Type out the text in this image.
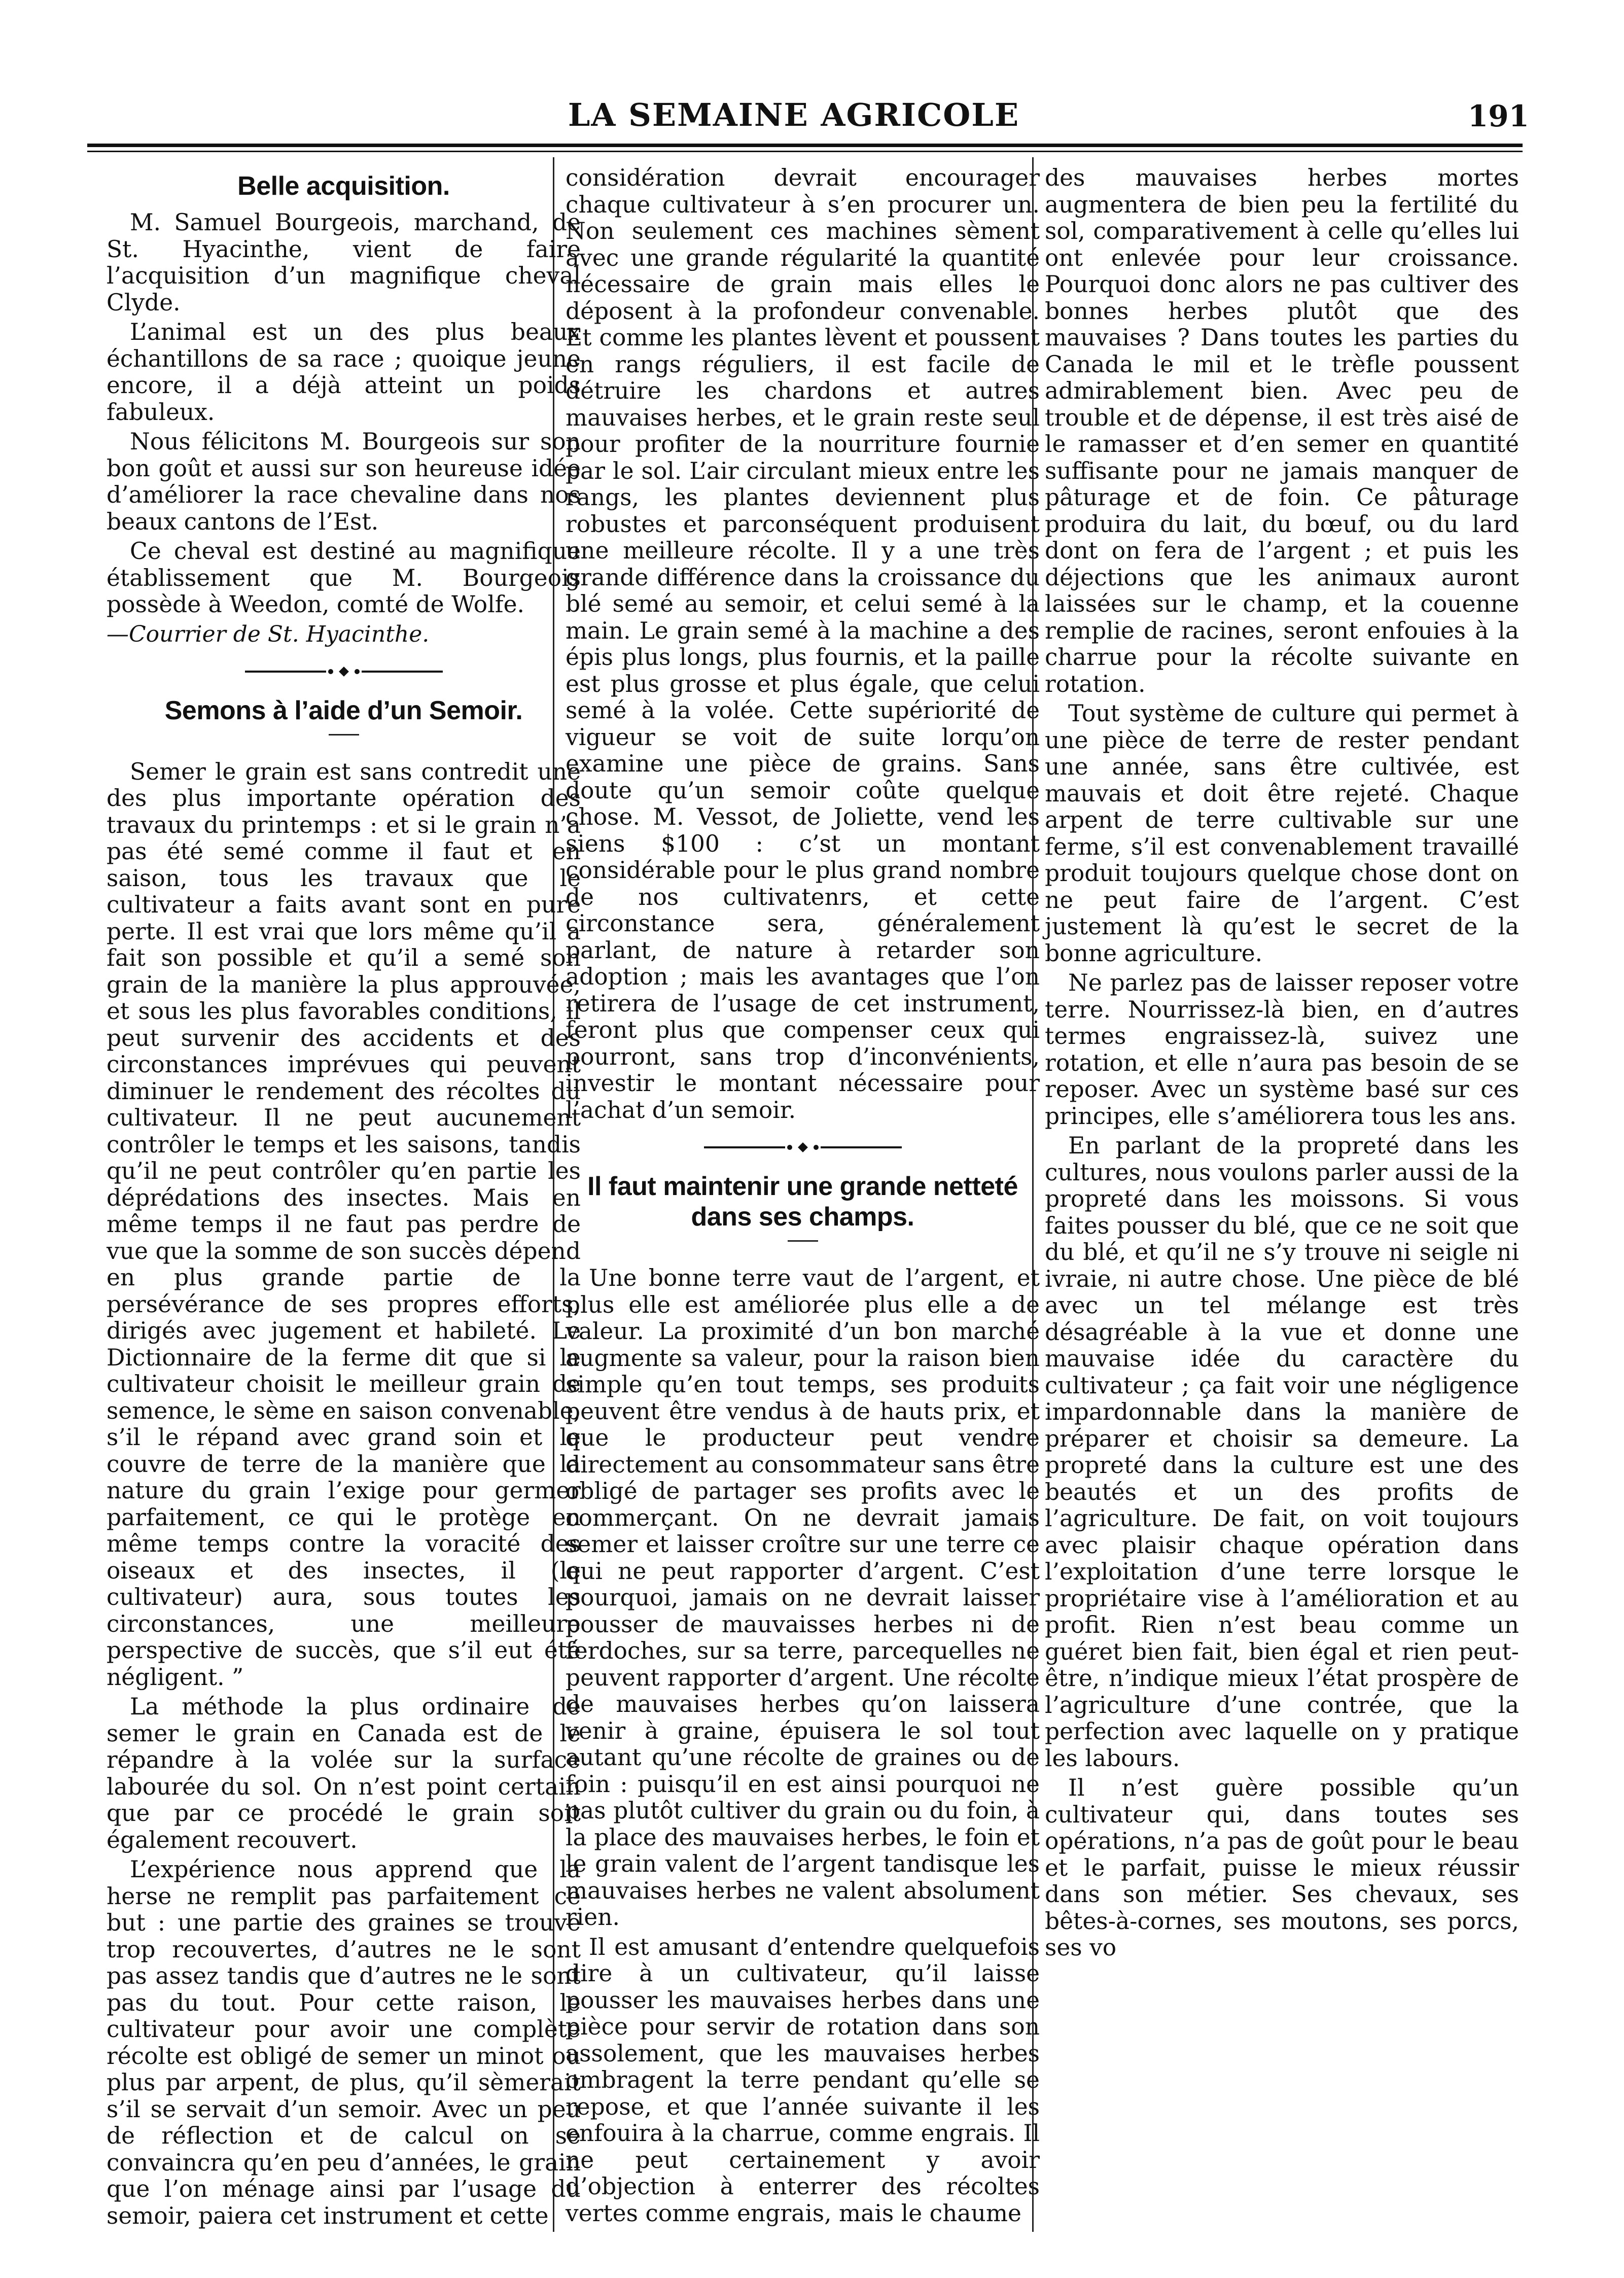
LA SEMAINE AGRICOLE	191
Belle acquisition.

M. Samuel Bourgeois, marchand, de St. Hyacinthe, vient de faire l’acquisition d’un magnifique cheval Clyde.

L’animal est un des plus beaux échantillons de sa race ; quoique jeune encore, il a déjà atteint un poids fabuleux.

Nous félicitons M. Bourgeois sur son bon goût et aussi sur son heureuse idée d’améliorer la race chevaline dans nos beaux cantons de l’Est.

Ce cheval est destiné au magnifique établissement que M. Bourgeois possède à Weedon, comté de Wolfe.

—Courrier de St. Hyacinthe.

Semons à l’aide d’un Semoir.

Semer le grain est sans contredit une des plus importante opération des travaux du printemps : et si le grain n’a pas été semé comme il faut et en saison, tous les travaux que le cultivateur a faits avant sont en pure perte. Il est vrai que lors même qu’il a fait son possible et qu’il a semé son grain de la manière la plus approuvée, et sous les plus favorables conditions, il peut survenir des accidents et des circonstances imprévues qui peuvent diminuer le rendement des récoltes du cultivateur. Il ne peut aucunement contrôler le temps et les saisons, tandis qu’il ne peut contrôler qu’en partie les déprédations des insectes. Mais en même temps il ne faut pas perdre de vue que la somme de son succès dépend en plus grande partie de la persévérance de ses propres efforts, dirigés avec jugement et habileté. Le Dictionnaire de la ferme dit que si le cultivateur choisit le meilleur grain de semence, le sème en saison convenable, s’il le répand avec grand soin et le couvre de terre de la manière que la nature du grain l’exige pour germer parfaitement, ce qui le protège en même temps contre la voracité des oiseaux et des insectes, il (le cultivateur) aura, sous toutes les circonstances, une meilleure perspective de succès, que s’il eut été négligent. ”

La méthode la plus ordinaire de semer le grain en Canada est de le répandre à la volée sur la surface labourée du sol. On n’est point certain que par ce procédé le grain soit également recouvert.

L’expérience nous apprend que la herse ne remplit pas parfaitement ce but : une partie des graines se trouve trop recouvertes, d’autres ne le sont pas assez tandis que d’autres ne le sont pas du tout. Pour cette raison, le cultivateur pour avoir une complète récolte est obligé de semer un minot ou plus par arpent, de plus, qu’il sèmerait s’il se servait d’un semoir. Avec un peu de réflection et de calcul on se convaincra qu’en peu d’années, le grain que l’on ménage ainsi par l’usage du semoir, paiera cet instrument et cette

considération devrait encourager chaque cultivateur à s’en procurer un. Non seulement ces machines sèment avec une grande régularité la quantité nécessaire de grain mais elles le déposent à la profondeur convenable. Et comme les plantes lèvent et poussent en rangs réguliers, il est facile de détruire les chardons et autres mauvaises herbes, et le grain reste seul pour profiter de la nourriture fournie par le sol. L’air circulant mieux entre les rangs, les plantes deviennent plus robustes et parconséquent produisent une meilleure récolte. Il y a une très grande différence dans la croissance du blé semé au semoir, et celui semé à la main. Le grain semé à la machine a des épis plus longs, plus fournis, et la paille est plus grosse et plus égale, que celui semé à la volée. Cette supériorité de vigueur se voit de suite lorqu’on examine une pièce de grains. Sans doute qu’un semoir coûte quelque chose. M. Vessot, de Joliette, vend les siens $100 : c’st un montant considérable pour le plus grand nombre de nos cultivatenrs, et cette circonstance sera, généralement parlant, de nature à retarder son adoption ; mais les avantages que l’on retirera de l’usage de cet instrument, feront plus que compenser ceux qui pourront, sans trop d’inconvénients, investir le montant nécessaire pour l’achat d’un semoir.

Il faut maintenir une grande netteté dans ses champs.

Une bonne terre vaut de l’argent, et plus elle est améliorée plus elle a de valeur. La proximité d’un bon marché augmente sa valeur, pour la raison bien simple qu’en tout temps, ses produits peuvent être vendus à de hauts prix, et que le producteur peut vendre directement au consommateur sans être obligé de partager ses profits avec le commerçant. On ne devrait jamais semer et laisser croître sur une terre ce qui ne peut rapporter d’argent. C’est pourquoi, jamais on ne devrait laisser pousser de mauvaisses herbes ni de ferdoches, sur sa terre, parcequelles ne peuvent rapporter d’argent. Une récolte de mauvaises herbes qu’on laissera venir à graine, épuisera le sol tout autant qu’une récolte de graines ou de foin : puisqu’il en est ainsi pourquoi ne pas plutôt cultiver du grain ou du foin, à la place des mauvaises herbes, le foin et le grain valent de l’argent tandisque les mauvaises herbes ne valent absolument rien.

Il est amusant d’entendre quelquefois dire à un cultivateur, qu’il laisse pousser les mauvaises herbes dans une pièce pour servir de rotation dans son assolement, que les mauvaises herbes ombragent la terre pendant qu’elle se repose, et que l’année suivante il les enfouira à la charrue, comme engrais. Il ne peut certainement y avoir d’objection à enterrer des récoltes vertes comme engrais, mais le chaume

des mauvaises herbes mortes augmentera de bien peu la fertilité du sol, comparativement à celle qu’elles lui ont enlevée pour leur croissance. Pourquoi donc alors ne pas cultiver des bonnes herbes plutôt que des mauvaises ? Dans toutes les parties du Canada le mil et le trèfle poussent admirablement bien. Avec peu de trouble et de dépense, il est très aisé de le ramasser et d’en semer en quantité suffisante pour ne jamais manquer de pâturage et de foin. Ce pâturage produira du lait, du bœuf, ou du lard dont on fera de l’argent ; et puis les déjections que les animaux auront laissées sur le champ, et la couenne remplie de racines, seront enfouies à la charrue pour la récolte suivante en rotation.

Tout système de culture qui permet à une pièce de terre de rester pendant une année, sans être cultivée, est mauvais et doit être rejeté. Chaque arpent de terre cultivable sur une ferme, s’il est convenablement travaillé produit toujours quelque chose dont on ne peut faire de l’argent. C’est justement là qu’est le secret de la bonne agriculture.

Ne parlez pas de laisser reposer votre terre. Nourrissez-là bien, en d’autres termes engraissez-là, suivez une rotation, et elle n’aura pas besoin de se reposer. Avec un système basé sur ces principes, elle s’améliorera tous les ans.

En parlant de la propreté dans les cultures, nous voulons parler aussi de la propreté dans les moissons. Si vous faites pousser du blé, que ce ne soit que du blé, et qu’il ne s’y trouve ni seigle ni ivraie, ni autre chose. Une pièce de blé avec un tel mélange est très désagréable à la vue et donne une mauvaise idée du caractère du cultivateur ; ça fait voir une négligence impardonnable dans la manière de préparer et choisir sa demeure. La propreté dans la culture est une des beautés et un des profits de l’agriculture. De fait, on voit toujours avec plaisir chaque opération dans l’exploitation d’une terre lorsque le propriétaire vise à l’amélioration et au profit. Rien n’est beau comme un guéret bien fait, bien égal et rien peut-être, n’indique mieux l’état prospère de l’agriculture d’une contrée, que la perfection avec laquelle on y pratique les labours.

Il n’est guère possible qu’un cultivateur qui, dans toutes ses opérations, n’a pas de goût pour le beau et le parfait, puisse le mieux réussir dans son métier. Ses chevaux, ses bêtes-à-cornes, ses moutons, ses porcs, ses vo
